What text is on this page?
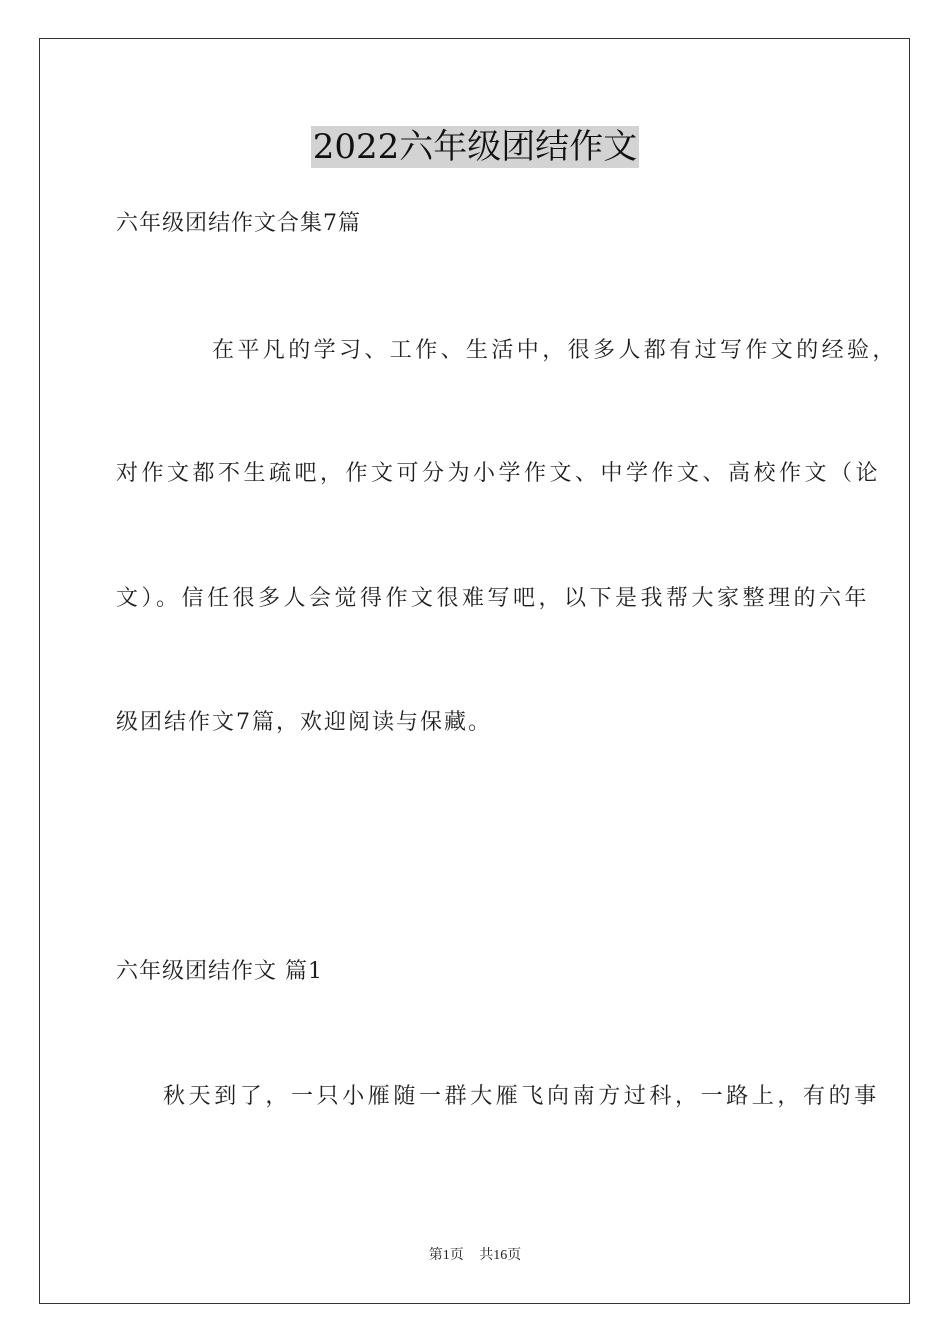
2022六年级团结作文
六年级团结作文合集7篇
在平凡的学习、工作、生活中，很多人都有过写作文的经验，
对作文都不生疏吧，作文可分为小学作文、中学作文、高校作文（论
文）。信任很多人会觉得作文很难写吧，以下是我帮大家整理的六年
级团结作文7篇，欢迎阅读与保藏。
六年级团结作文 篇1
秋天到了，一只小雁随一群大雁飞向南方过科，一路上，有的事
第1页 共16页
